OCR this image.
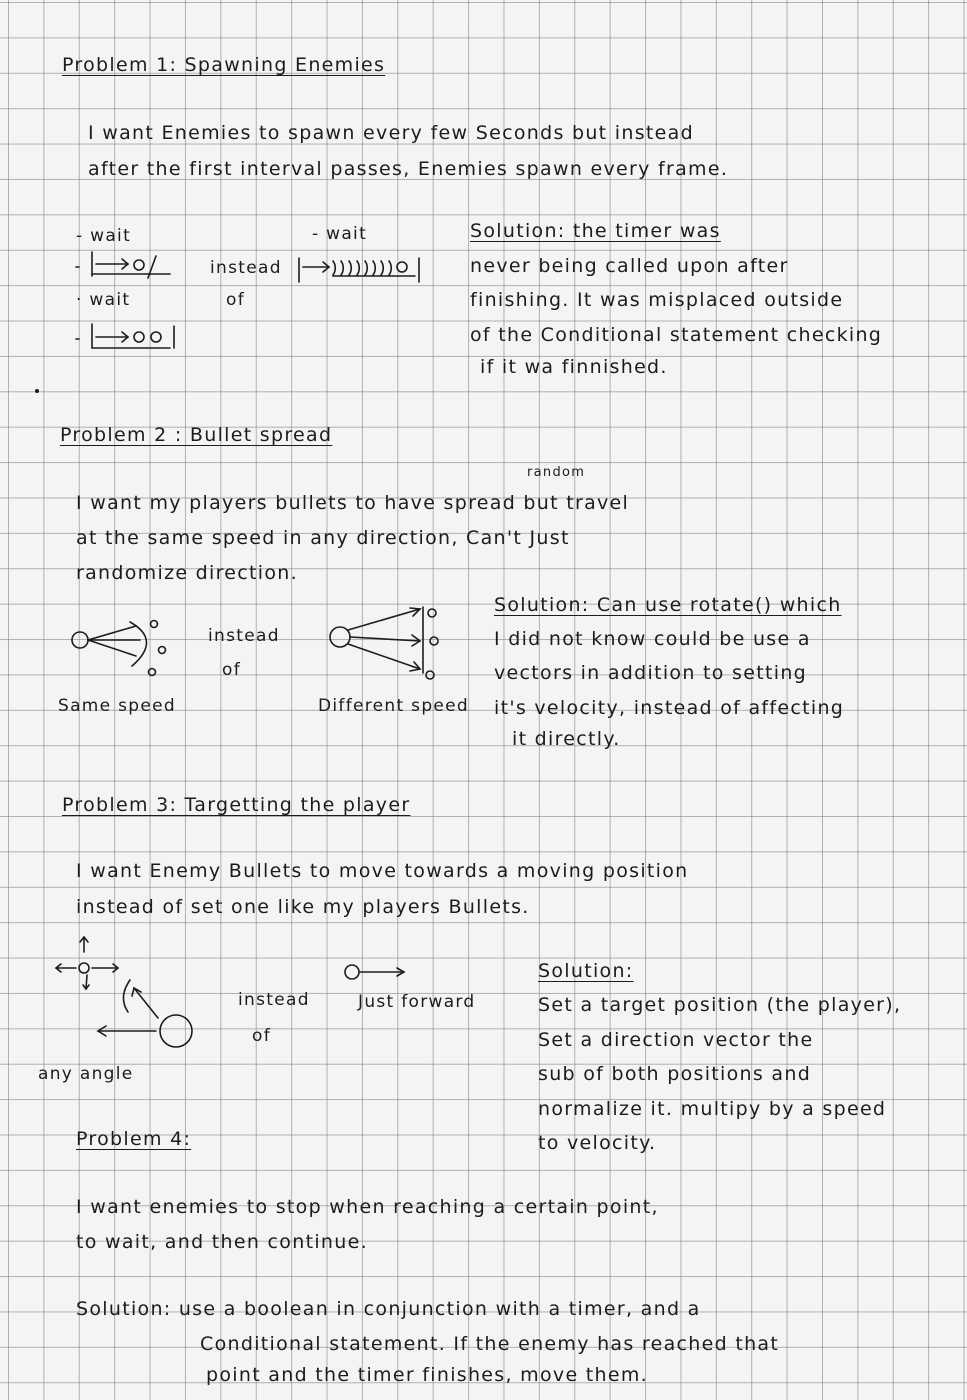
Problem 1: Spawning Enemies
I want Enemies to spawn every few Seconds but instead
after the first interval passes, Enemies spawn every frame.
- wait
· wait
- wait
instead
of
Solution: the timer was
never being called upon after
finishing. It was misplaced outside
of the Conditional statement checking
if it wa finnished.
Problem 2 : Bullet spread
random
I want my players bullets to have spread but travel
at the same speed in any direction, Can't Just
randomize direction.
instead
of
Same speed	Different speed
Solution: Can use rotate() which
I did not know could be use a
vectors in addition to setting
it's velocity, instead of affecting
it directly.
Problem 3: Targetting the player
I want Enemy Bullets to move towards a moving position
instead of set one like my players Bullets.
instead
of
Just forward
any angle
Solution:
Set a target position (the player),
Set a direction vector the
sub of both positions and
normalize it. multipy by a speed
to velocity.
Problem 4:
I want enemies to stop when reaching a certain point,
to wait, and then continue.
Solution: use a boolean in conjunction with a timer, and a
Conditional statement. If the enemy has reached that
point and the timer finishes, move them.
